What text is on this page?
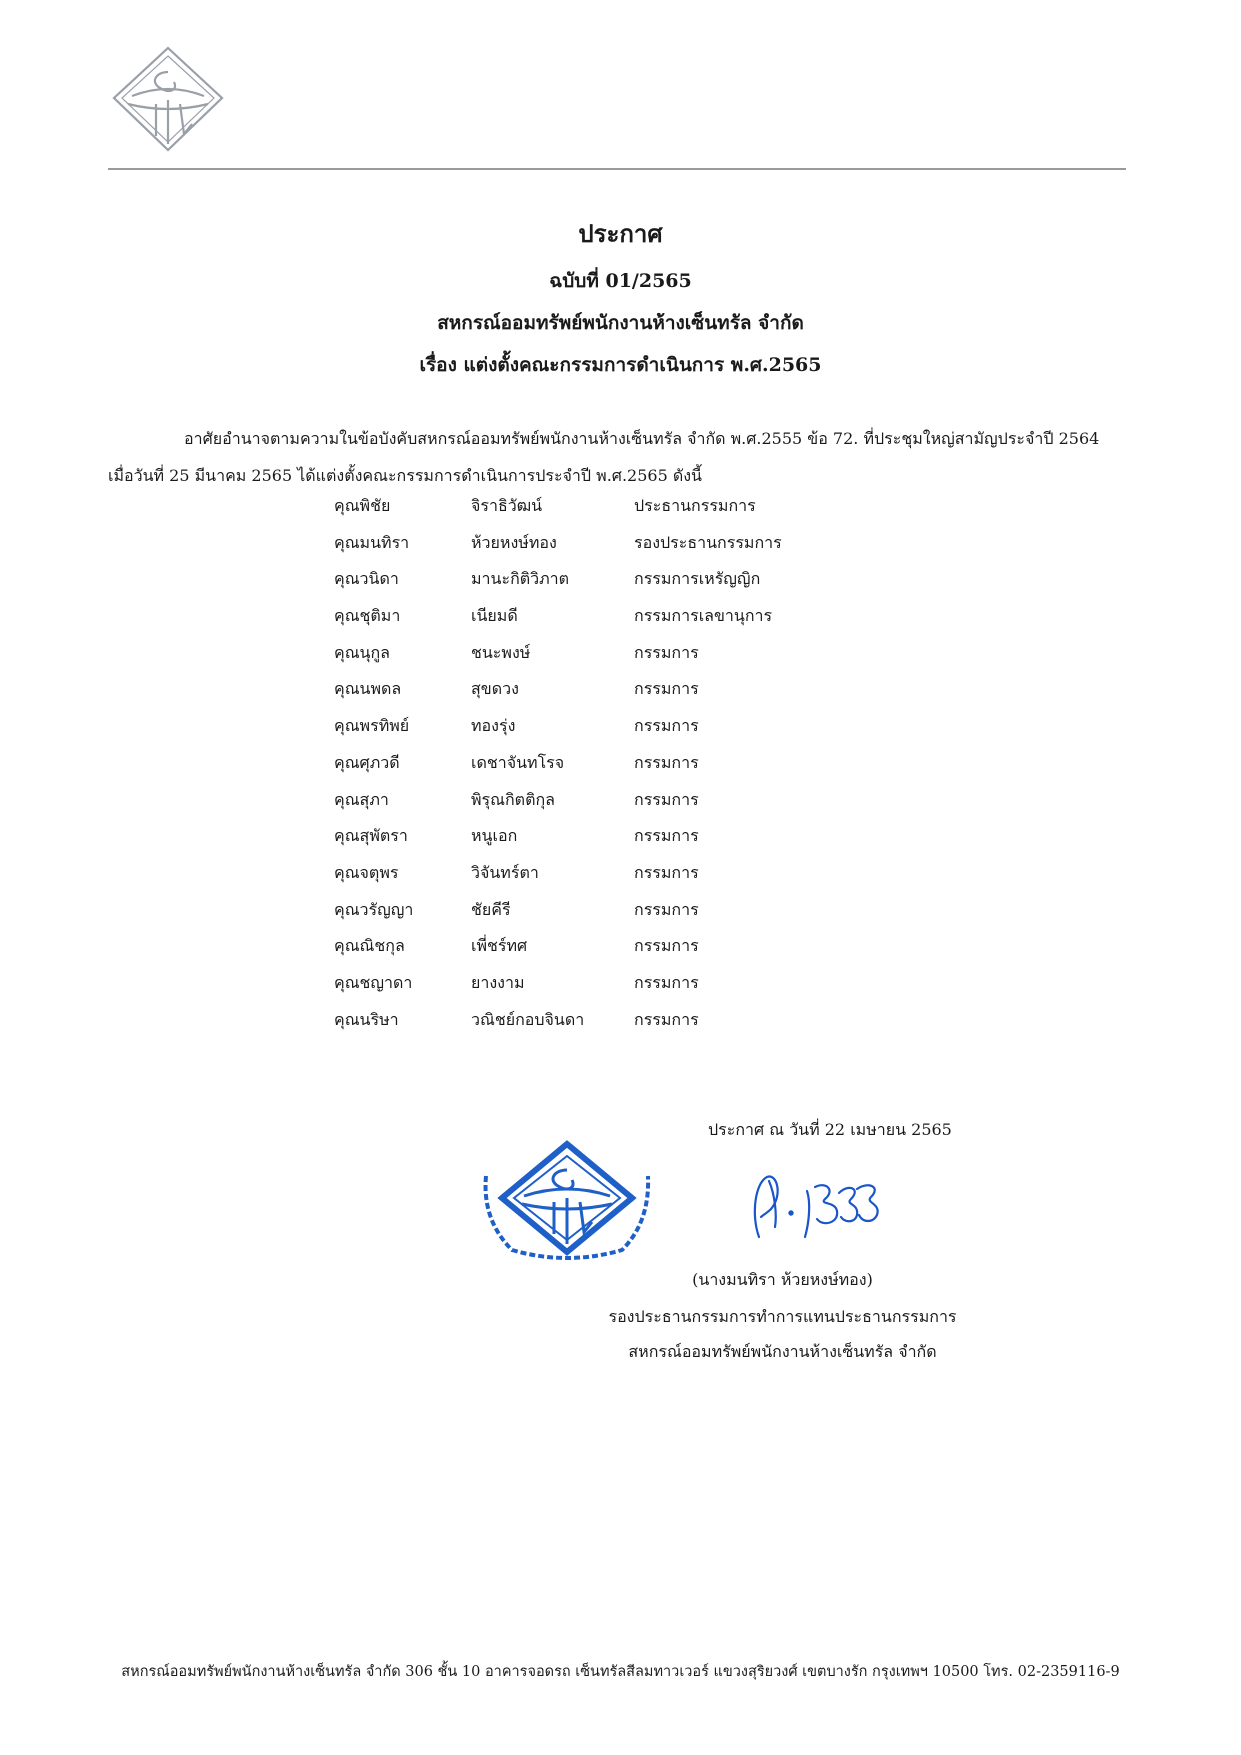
ประกาศ
ฉบับที่ 01/2565
สหกรณ์ออมทรัพย์พนักงานห้างเซ็นทรัล จำกัด
เรื่อง แต่งตั้งคณะกรรมการดำเนินการ พ.ศ.2565
อาศัยอำนาจตามความในข้อบังคับสหกรณ์ออมทรัพย์พนักงานห้างเซ็นทรัล จำกัด พ.ศ.2555 ข้อ 72. ที่ประชุมใหญ่สามัญประจำปี 2564
เมื่อวันที่ 25 มีนาคม 2565 ได้แต่งตั้งคณะกรรมการดำเนินการประจำปี พ.ศ.2565 ดังนี้
คุณพิชัย	จิราธิวัฒน์	ประธานกรรมการ
คุณมนทิรา	ห้วยหงษ์ทอง	รองประธานกรรมการ
คุณวนิดา	มานะกิติวิภาต	กรรมการเหรัญญิก
คุณชุติมา	เนียมดี	กรรมการเลขานุการ
คุณนุกูล	ชนะพงษ์	กรรมการ
คุณนพดล	สุขดวง	กรรมการ
คุณพรทิพย์	ทองรุ่ง	กรรมการ
คุณศุภวดี	เดชาจันทโรจ	กรรมการ
คุณสุภา	พิรุณกิตติกุล	กรรมการ
คุณสุพัตรา	หนูเอก	กรรมการ
คุณจตุพร	วิจันทร์ตา	กรรมการ
คุณวรัญญา	ชัยคีรี	กรรมการ
คุณณิชกุล	เพี่ชร์ทศ	กรรมการ
คุณชญาดา	ยางงาม	กรรมการ
คุณนริษา	วณิชย์กอบจินดา	กรรมการ
ประกาศ ณ วันที่ 22 เมษายน 2565
(นางมนทิรา ห้วยหงษ์ทอง)
รองประธานกรรมการทำการแทนประธานกรรมการ
สหกรณ์ออมทรัพย์พนักงานห้างเซ็นทรัล จำกัด
สหกรณ์ออมทรัพย์พนักงานห้างเซ็นทรัล จำกัด 306 ชั้น 10 อาคารจอดรถ เซ็นทรัลสีลมทาวเวอร์ แขวงสุริยวงศ์ เขตบางรัก กรุงเทพฯ 10500 โทร. 02-2359116-9
